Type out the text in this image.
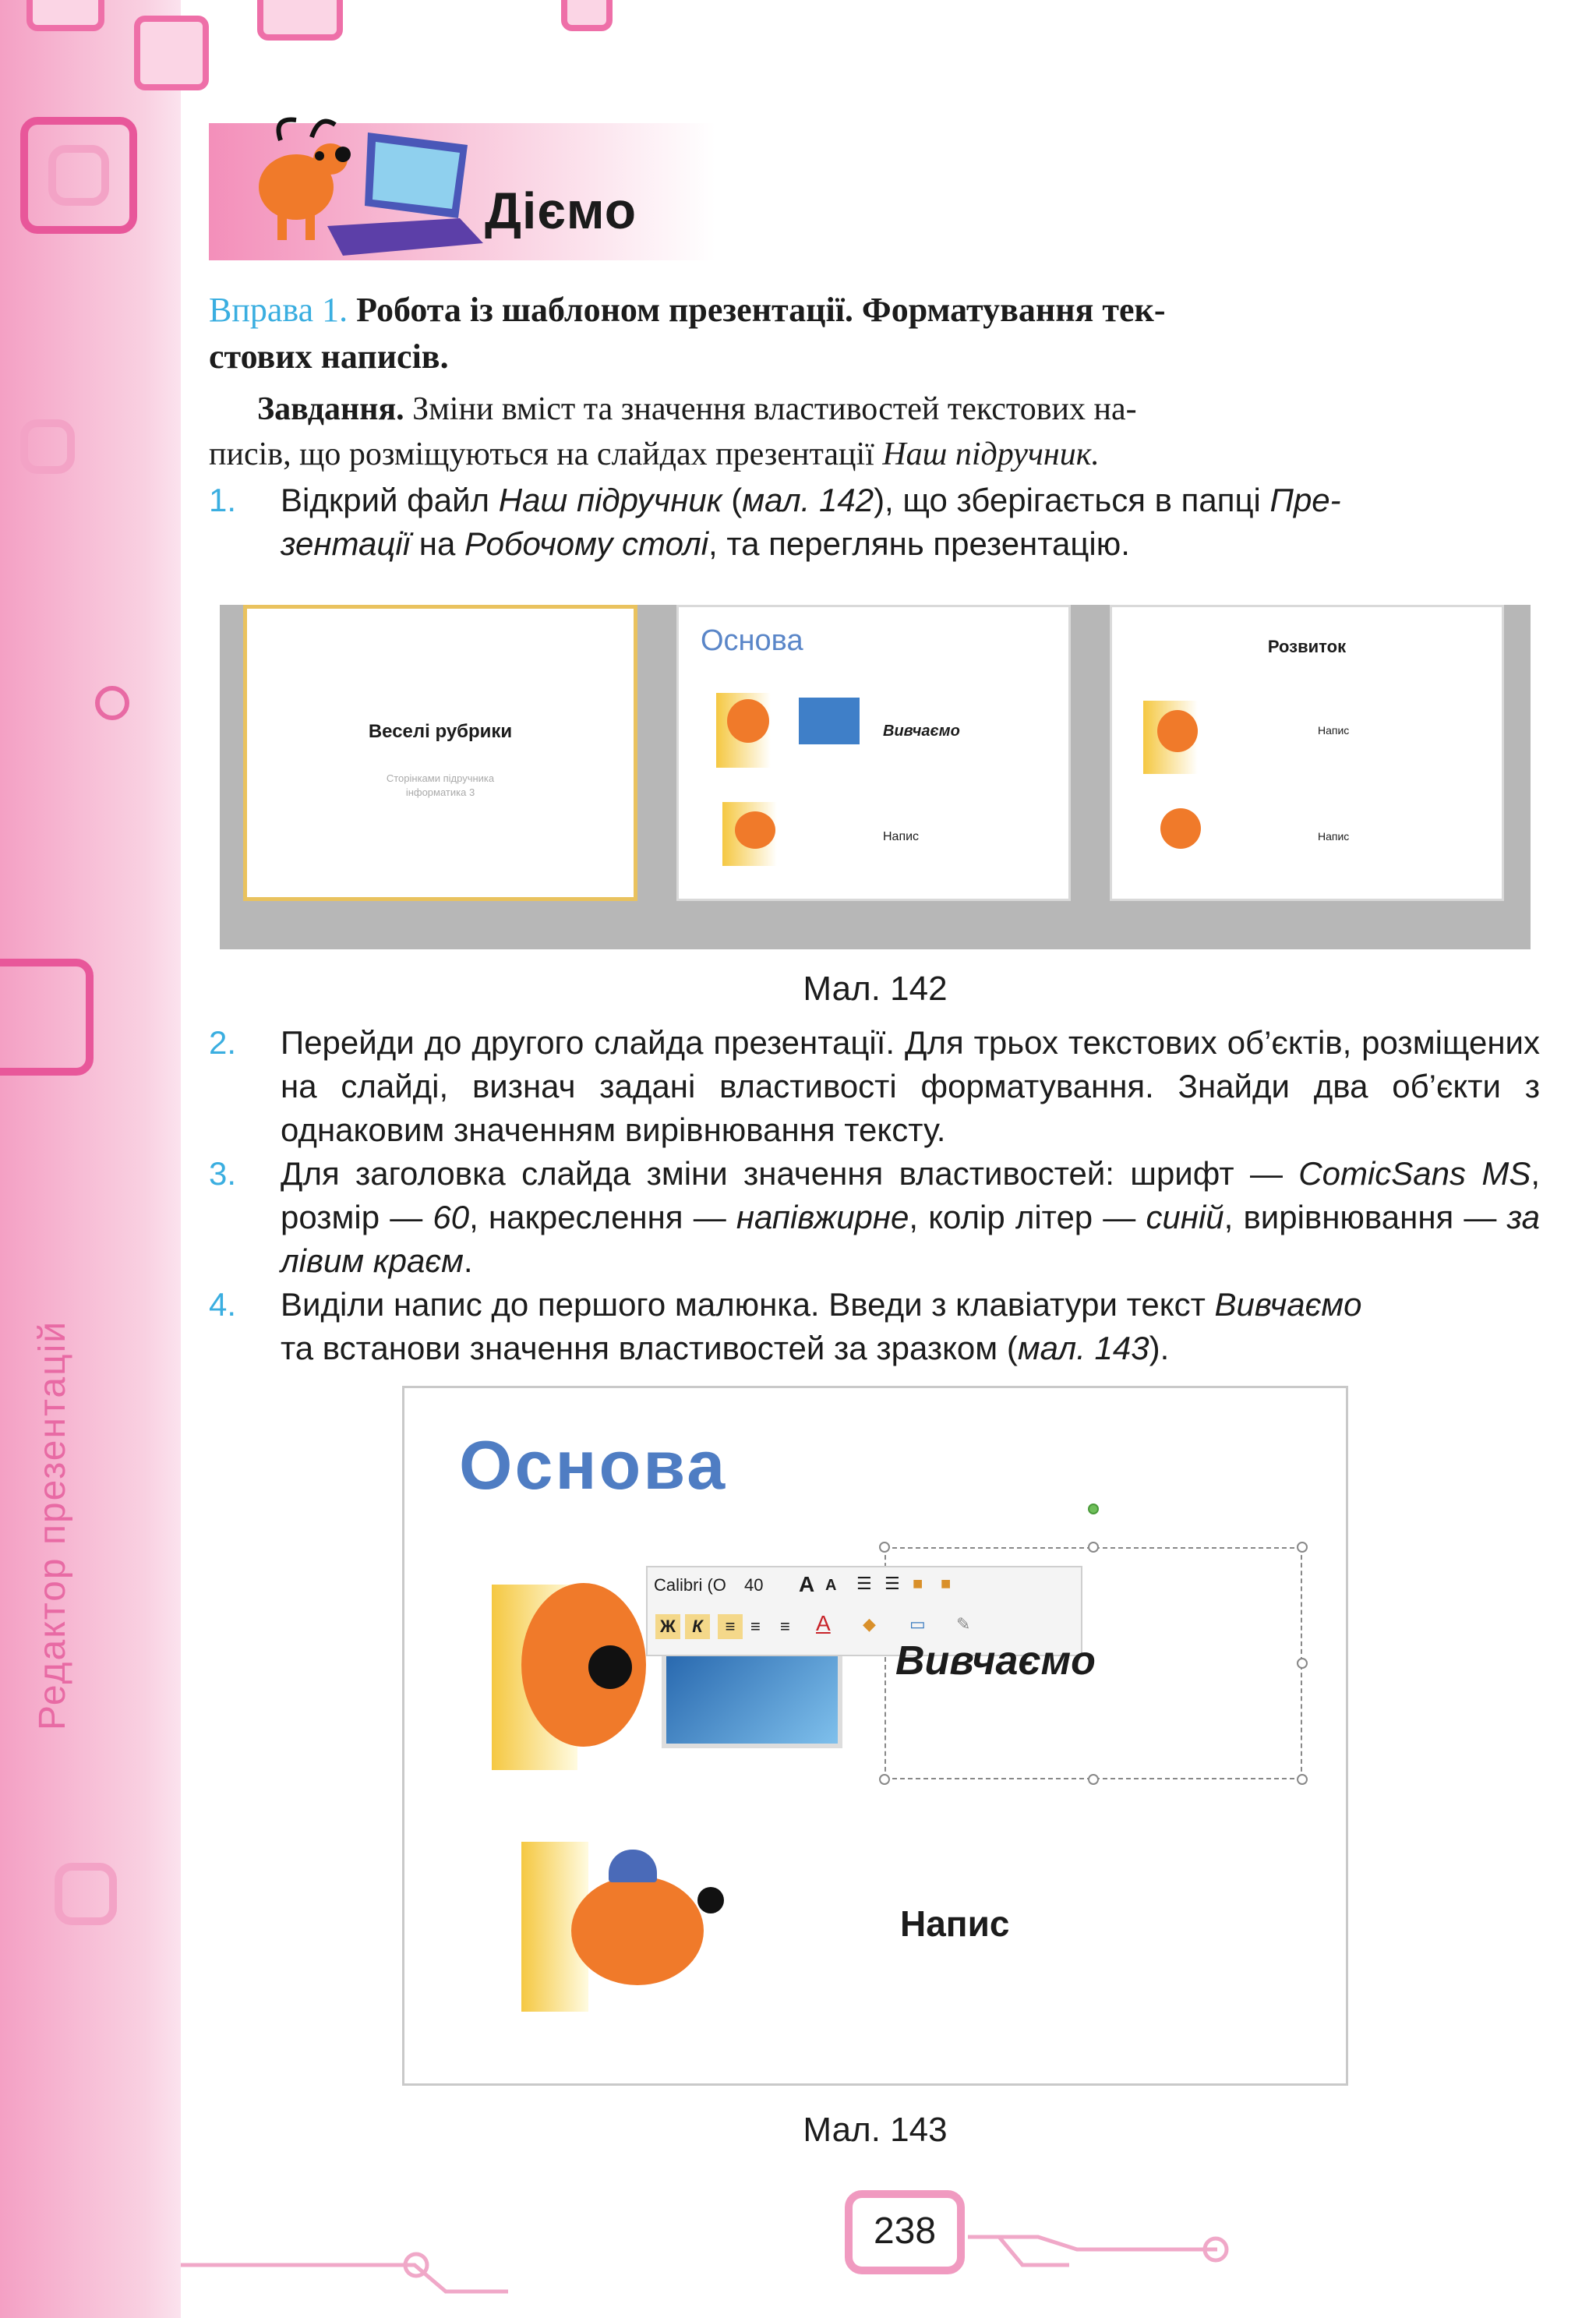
Редактор презентацій
Діємо
Вправа 1. Робота із шаблоном презентації. Форматування тек-
стових написів.
Завдання. Зміни вміст та значення властивостей текстових на-
писів, що розміщуються на слайдах презентації Наш підручник.
1.	Відкрий файл Наш підручник (мал. 142), що зберігається в папці Пре-
зентації на Робочому столі, та переглянь презентацію.
Веселі рубрики
Сторінками підручника
інформатика 3
Основа
Вивчаємо
Напис
Розвиток
Напис
Напис
Мал. 142
2.	Перейди до другого слайда презентації. Для трьох текстових об’єктів, розміщених на слайді, визнач задані властивості форматування. Знайди два об’єкти з однаковим значенням вирівнювання тексту.
3.	Для заголовка слайда зміни значення властивостей: шрифт — ComicSans MS, розмір — 60, накреслення — напівжирне, колір літер — синій, вирівнювання — за лівим краєм.
4.	Виділи напис до першого малюнка. Введи з клавіатури текст Вивчаємо
та встанови значення властивостей за зразком (мал. 143).
Основа
Calibri (О 40 A A ☰ ☰ ■ ■
Ж К	≡ ≡ ≡ A ◆ ▭ ✎
Вивчаємо
Напис
Мал. 143
238
